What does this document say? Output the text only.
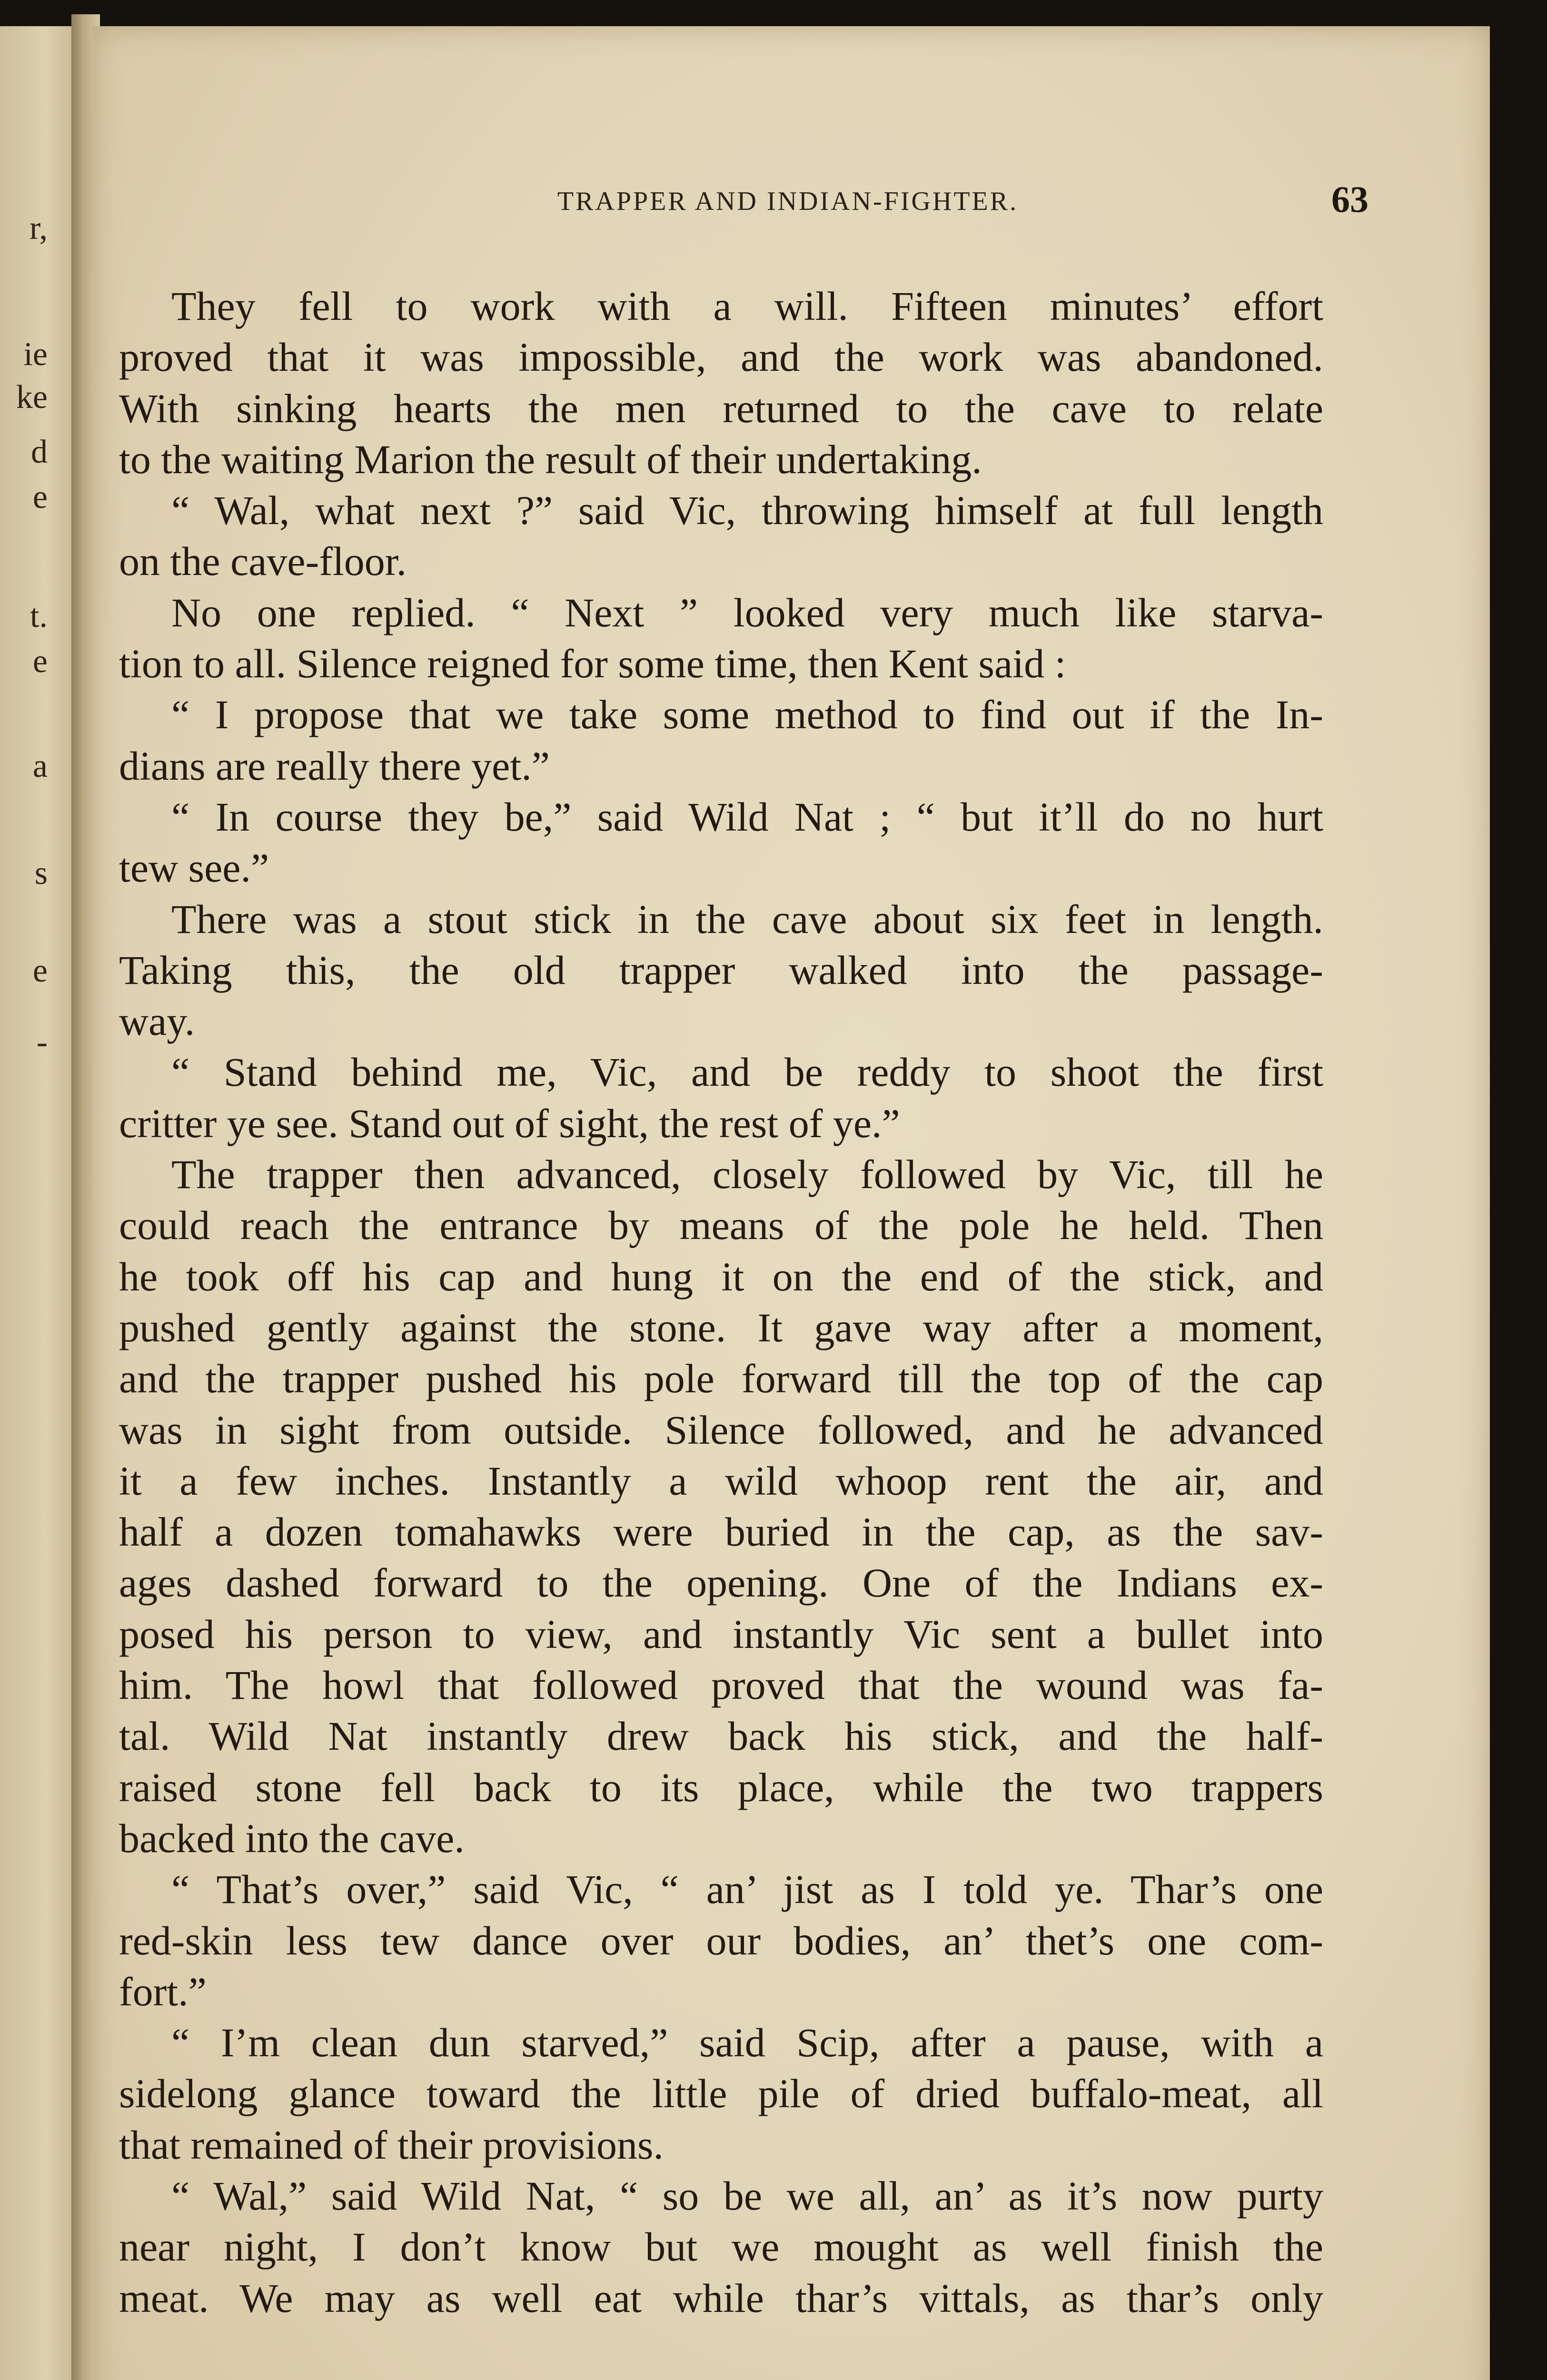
r,
ie
ke
d
e
t.
e
a
s
e
-
TRAPPER AND INDIAN-FIGHTER.	63
They fell to work with a will. Fifteen minutes’ effort
proved that it was impossible, and the work was abandoned.
With sinking hearts the men returned to the cave to relate
to the waiting Marion the result of their undertaking.
“ Wal, what next ?” said Vic, throwing himself at full length
on the cave-floor.
No one replied. “ Next ” looked very much like starva-
tion to all. Silence reigned for some time, then Kent said :
“ I propose that we take some method to find out if the In-
dians are really there yet.”
“ In course they be,” said Wild Nat ; “ but it’ll do no hurt
tew see.”
There was a stout stick in the cave about six feet in length.
Taking this, the old trapper walked into the passage-
way.
“ Stand behind me, Vic, and be reddy to shoot the first
critter ye see. Stand out of sight, the rest of ye.”
The trapper then advanced, closely followed by Vic, till he
could reach the entrance by means of the pole he held. Then
he took off his cap and hung it on the end of the stick, and
pushed gently against the stone. It gave way after a moment,
and the trapper pushed his pole forward till the top of the cap
was in sight from outside. Silence followed, and he advanced
it a few inches. Instantly a wild whoop rent the air, and
half a dozen tomahawks were buried in the cap, as the sav-
ages dashed forward to the opening. One of the Indians ex-
posed his person to view, and instantly Vic sent a bullet into
him. The howl that followed proved that the wound was fa-
tal. Wild Nat instantly drew back his stick, and the half-
raised stone fell back to its place, while the two trappers
backed into the cave.
“ That’s over,” said Vic, “ an’ jist as I told ye. Thar’s one
red-skin less tew dance over our bodies, an’ thet’s one com-
fort.”
“ I’m clean dun starved,” said Scip, after a pause, with a
sidelong glance toward the little pile of dried buffalo-meat, all
that remained of their provisions.
“ Wal,” said Wild Nat, “ so be we all, an’ as it’s now purty
near night, I don’t know but we mought as well finish the
meat. We may as well eat while thar’s vittals, as thar’s only
